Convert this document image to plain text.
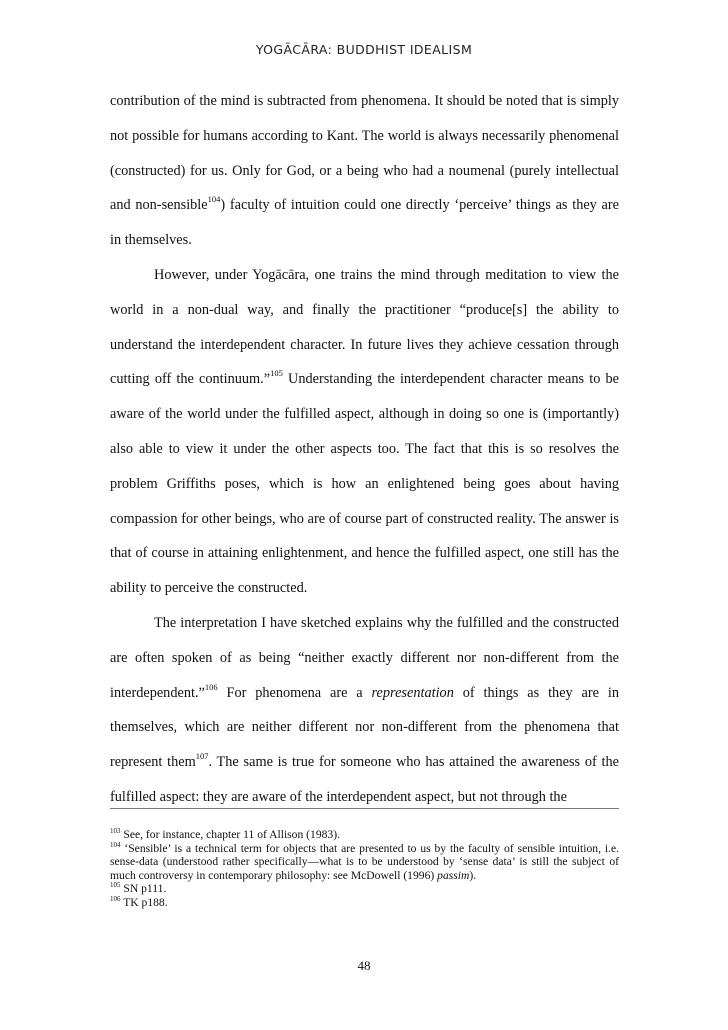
YOGĀCĀRA: BUDDHIST IDEALISM

contribution of the mind is subtracted from phenomena. It should be noted that is simply not possible for humans according to Kant. The world is always necessarily phenomenal (constructed) for us. Only for God, or a being who had a noumenal (purely intellectual and non-sensible$^{104}$) faculty of intuition could one directly ‘perceive’ things as they are in themselves.

However, under Yogācāra, one trains the mind through meditation to view the world in a non-dual way, and finally the practitioner “produce[s] the ability to understand the interdependent character. In future lives they achieve cessation through cutting off the continuum.”$^{105}$ Understanding the interdependent character means to be aware of the world under the fulfilled aspect, although in doing so one is (importantly) also able to view it under the other aspects too. The fact that this is so resolves the problem Griffiths poses, which is how an enlightened being goes about having compassion for other beings, who are of course part of constructed reality. The answer is that of course in attaining enlightenment, and hence the fulfilled aspect, one still has the ability to perceive the constructed.

The interpretation I have sketched explains why the fulfilled and the constructed are often spoken of as being “neither exactly different nor non-different from the interdependent.”$^{106}$ For phenomena are a representation of things as they are in themselves, which are neither different nor non-different from the phenomena that represent them$^{107}$. The same is true for someone who has attained the awareness of the fulfilled aspect: they are aware of the interdependent aspect, but not through the

$^{103}$ See, for instance, chapter 11 of Allison (1983).

$^{104}$ ‘Sensible’ is a technical term for objects that are presented to us by the faculty of sensible intuition, i.e. sense-data (understood rather specifically—what is to be understood by ‘sense data’ is still the subject of much controversy in contemporary philosophy: see McDowell (1996) passim).

$^{105}$ SN p111.

$^{106}$ TK p188.

48
